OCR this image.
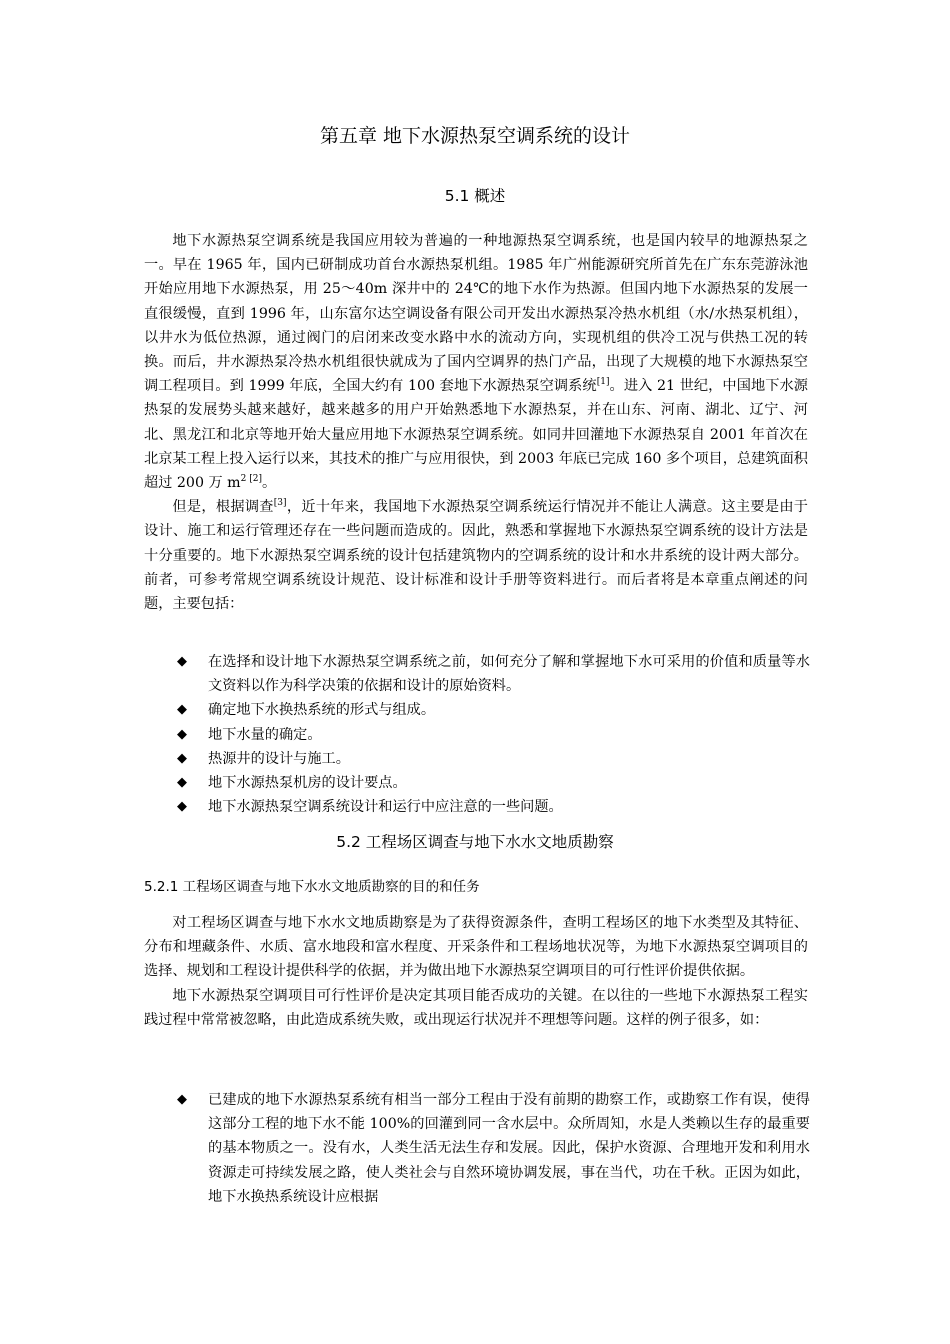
第五章 地下水源热泵空调系统的设计
5.1 概述

地下水源热泵空调系统是我国应用较为普遍的一种地源热泵空调系统，也是国内较早的地源热泵之一。早在 1965 年，国内已研制成功首台水源热泵机组。1985 年广州能源研究所首先在广东东莞游泳池开始应用地下水源热泵，用 25～40m 深井中的 24℃的地下水作为热源。但国内地下水源热泵的发展一直很缓慢，直到 1996 年，山东富尔达空调设备有限公司开发出水源热泵冷热水机组（水/水热泵机组），以井水为低位热源，通过阀门的启闭来改变水路中水的流动方向，实现机组的供冷工况与供热工况的转换。而后，井水源热泵冷热水机组很快就成为了国内空调界的热门产品，出现了大规模的地下水源热泵空调工程项目。到 1999 年底，全国大约有 100 套地下水源热泵空调系统[1]。进入 21 世纪，中国地下水源热泵的发展势头越来越好，越来越多的用户开始熟悉地下水源热泵，并在山东、河南、湖北、辽宁、河北、黑龙江和北京等地开始大量应用地下水源热泵空调系统。如同井回灌地下水源热泵自 2001 年首次在北京某工程上投入运行以来，其技术的推广与应用很快，到 2003 年底已完成 160 多个项目，总建筑面积超过 200 万 $m^2$ [2]。

但是，根据调查[3]，近十年来，我国地下水源热泵空调系统运行情况并不能让人满意。这主要是由于设计、施工和运行管理还存在一些问题而造成的。因此，熟悉和掌握地下水源热泵空调系统的设计方法是十分重要的。地下水源热泵空调系统的设计包括建筑物内的空调系统的设计和水井系统的设计两大部分。前者，可参考常规空调系统设计规范、设计标准和设计手册等资料进行。而后者将是本章重点阐述的问题，主要包括：

◆ 在选择和设计地下水源热泵空调系统之前，如何充分了解和掌握地下水可采用的价值和质量等水文资料以作为科学决策的依据和设计的原始资料。
◆ 确定地下水换热系统的形式与组成。
◆ 地下水量的确定。
◆ 热源井的设计与施工。
◆ 地下水源热泵机房的设计要点。
◆ 地下水源热泵空调系统设计和运行中应注意的一些问题。
5.2 工程场区调查与地下水水文地质勘察
5.2.1 工程场区调查与地下水水文地质勘察的目的和任务

对工程场区调查与地下水水文地质勘察是为了获得资源条件，查明工程场区的地下水类型及其特征、分布和埋藏条件、水质、富水地段和富水程度、开采条件和工程场地状况等，为地下水源热泵空调项目的选择、规划和工程设计提供科学的依据，并为做出地下水源热泵空调项目的可行性评价提供依据。

地下水源热泵空调项目可行性评价是决定其项目能否成功的关键。在以往的一些地下水源热泵工程实践过程中常常被忽略，由此造成系统失败，或出现运行状况并不理想等问题。这样的例子很多，如：

◆ 已建成的地下水源热泵系统有相当一部分工程由于没有前期的勘察工作，或勘察工作有误，使得这部分工程的地下水不能 100%的回灌到同一含水层中。众所周知，水是人类赖以生存的最重要的基本物质之一。没有水，人类生活无法生存和发展。因此，保护水资源、合理地开发和利用水资源走可持续发展之路，使人类社会与自然环境协调发展，事在当代，功在千秋。正因为如此，地下水换热系统设计应根据
